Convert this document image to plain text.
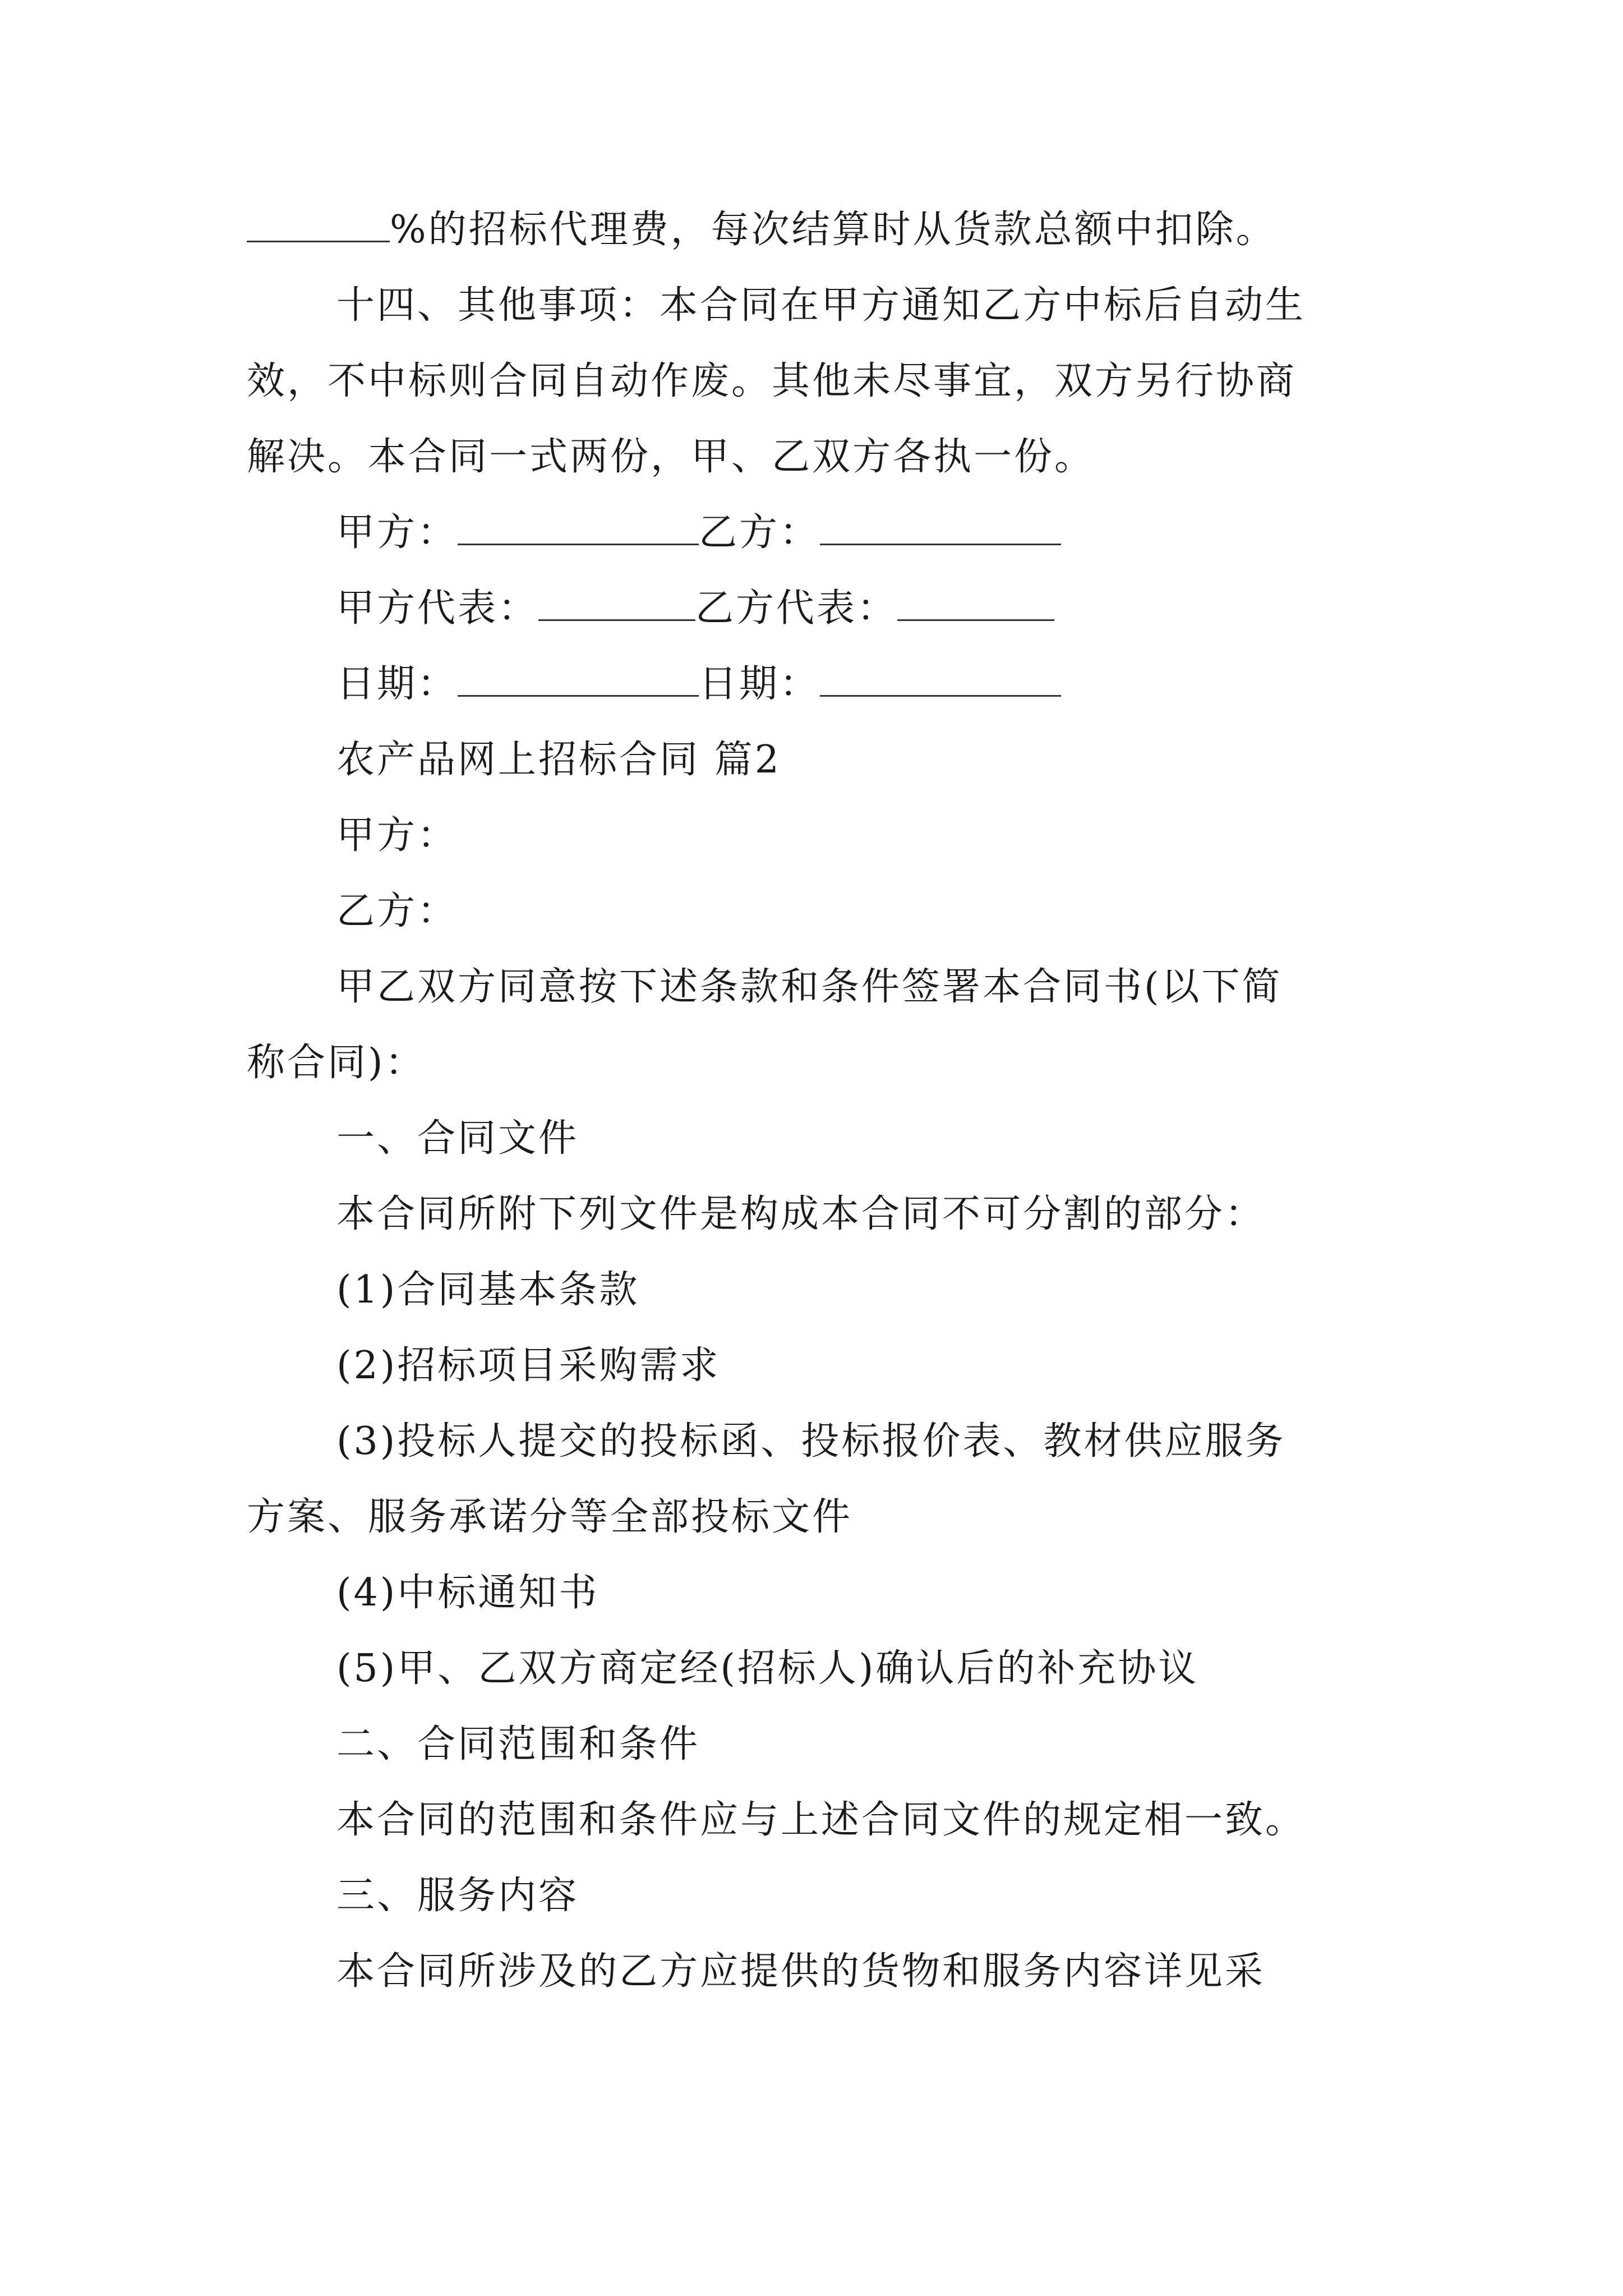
%的招标代理费，每次结算时从货款总额中扣除。
十四、其他事项：本合同在甲方通知乙方中标后自动生
效，不中标则合同自动作废。其他未尽事宜，双方另行协商
解决。本合同一式两份，甲、乙双方各执一份。
甲方：	乙方：
甲方代表：	乙方代表：
日期：	日期：
农产品网上招标合同 篇2
甲方：
乙方：
甲乙双方同意按下述条款和条件签署本合同书(以下简
称合同)：
一、合同文件
本合同所附下列文件是构成本合同不可分割的部分：
(1)合同基本条款
(2)招标项目采购需求
(3)投标人提交的投标函、投标报价表、教材供应服务
方案、服务承诺分等全部投标文件
(4)中标通知书
(5)甲、乙双方商定经(招标人)确认后的补充协议
二、合同范围和条件
本合同的范围和条件应与上述合同文件的规定相一致。
三、服务内容
本合同所涉及的乙方应提供的货物和服务内容详见采
